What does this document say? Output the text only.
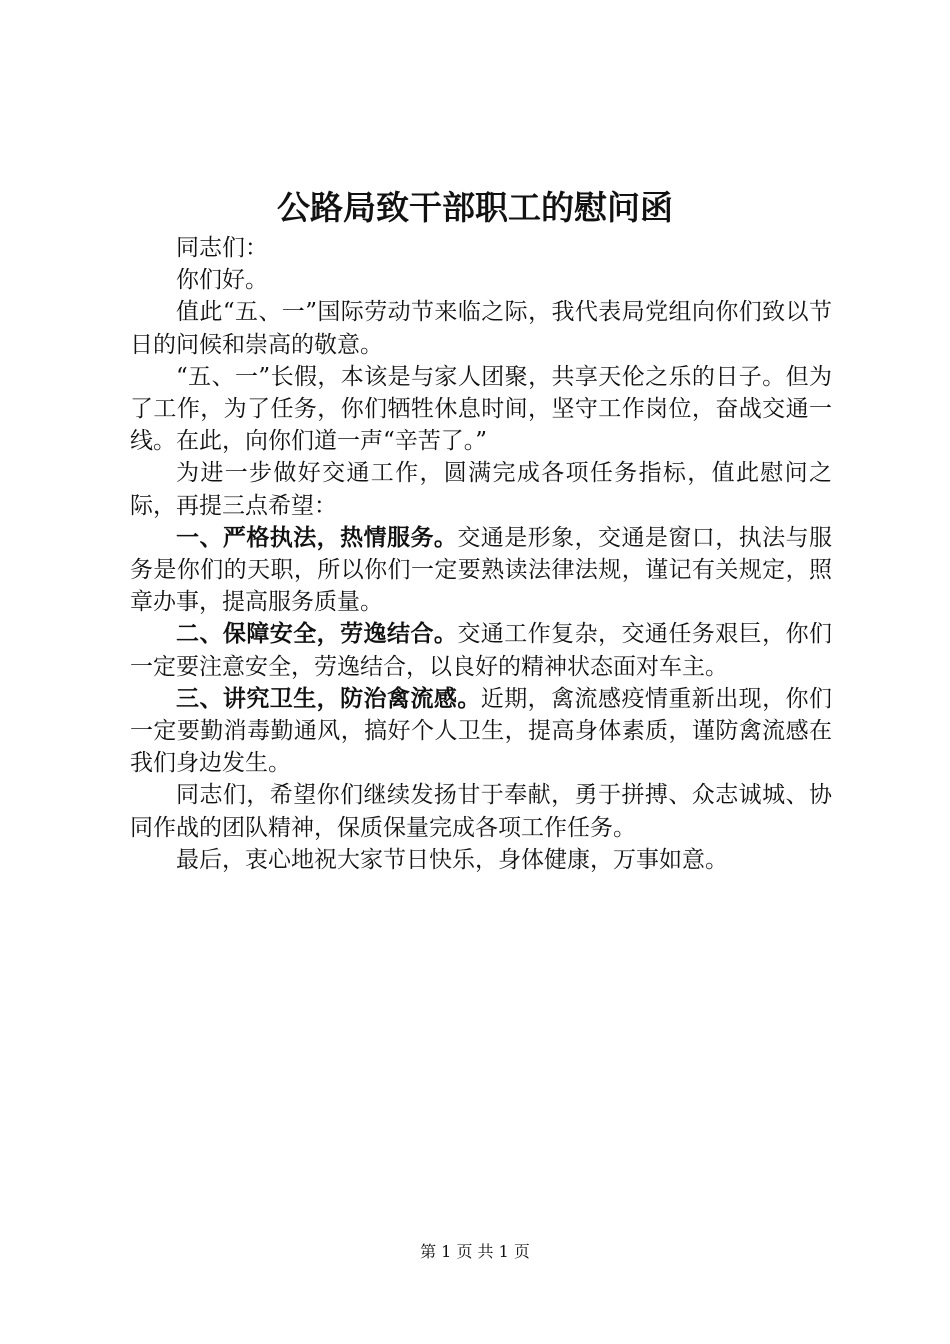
公路局致干部职工的慰问函

同志们：

你们好。

值此“五、一”国际劳动节来临之际，我代表局党组向你们致以节日的问候和崇高的敬意。

“五、一”长假，本该是与家人团聚，共享天伦之乐的日子。但为了工作，为了任务，你们牺牲休息时间，坚守工作岗位，奋战交通一线。在此，向你们道一声“辛苦了。”

为进一步做好交通工作，圆满完成各项任务指标，值此慰问之际，再提三点希望：

一、严格执法，热情服务。交通是形象，交通是窗口，执法与服务是你们的天职，所以你们一定要熟读法律法规，谨记有关规定，照章办事，提高服务质量。

二、保障安全，劳逸结合。交通工作复杂，交通任务艰巨，你们一定要注意安全，劳逸结合，以良好的精神状态面对车主。

三、讲究卫生，防治禽流感。近期，禽流感疫情重新出现，你们一定要勤消毒勤通风，搞好个人卫生，提高身体素质，谨防禽流感在我们身边发生。

同志们，希望你们继续发扬甘于奉献，勇于拼搏、众志诚城、协同作战的团队精神，保质保量完成各项工作任务。

最后，衷心地祝大家节日快乐，身体健康，万事如意。

第 1 页 共 1 页
